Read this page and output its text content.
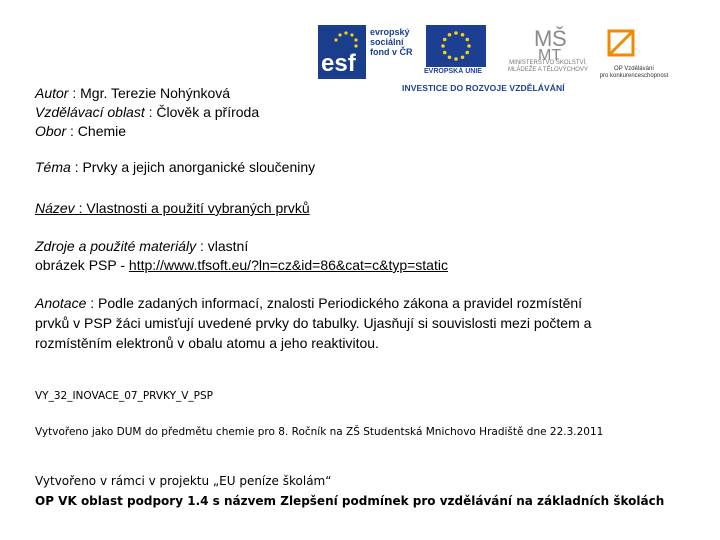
esf
evropský
sociální
fond v ČR
EVROPSKÁ UNIE
M Š
MT
MINISTERSTVO ŠKOLSTVÍ,
MLÁDEŽE A TĚLOVÝCHOVY	OP Vzdělávání
pro konkurenceschopnost
INVESTICE DO ROZVOJE VZDĚLÁVÁNÍ
Autor : Mgr. Terezie Nohýnková
Vzdělávací oblast : Člověk a příroda
Obor : Chemie
Téma : Prvky a jejich anorganické sloučeniny
Název : Vlastnosti a použití vybraných prvků
Zdroje a použité materiály : vlastní
obrázek PSP - http://www.tfsoft.eu/?ln=cz&id=86&cat=c&typ=static
Anotace : Podle zadaných informací, znalosti Periodického zákona a pravidel rozmístění
prvků v PSP žáci umisťují uvedené prvky do tabulky. Ujasňují si souvislosti mezi počtem a
rozmístěním elektronů v obalu atomu a jeho reaktivitou.
VY_32_INOVACE_07_PRVKY_V_PSP
Vytvořeno jako DUM do předmětu chemie pro 8. Ročník na ZŠ Studentská Mnichovo Hradiště dne 22.3.2011
Vytvořeno v rámci v projektu „EU peníze školám“
OP VK oblast podpory 1.4 s názvem Zlepšení podmínek pro vzdělávání na základních školách
